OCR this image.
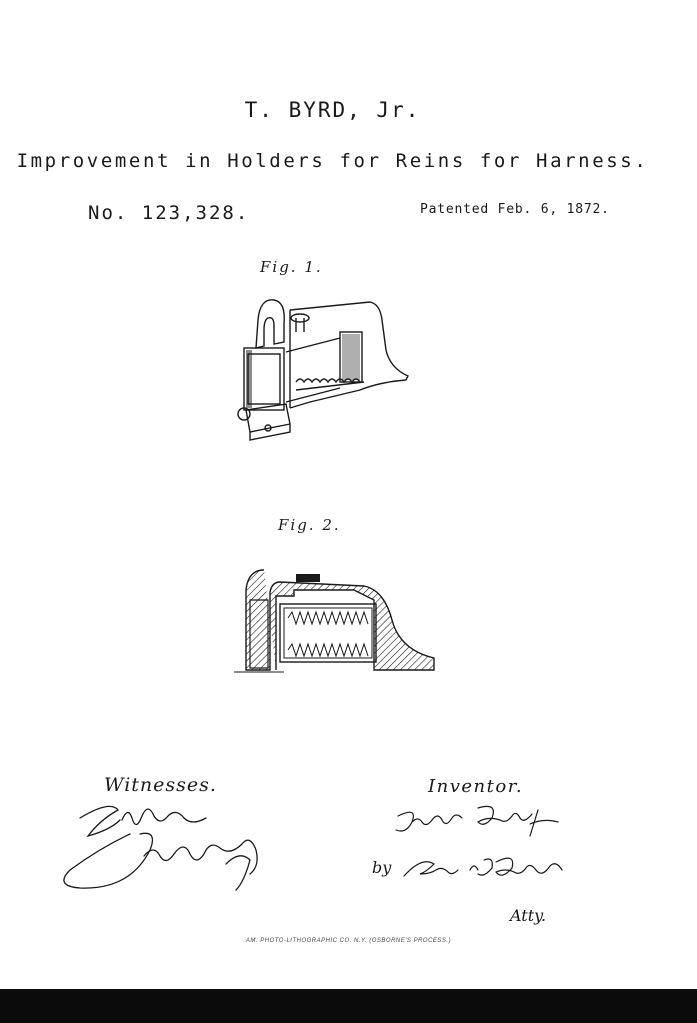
T. BYRD, Jr.
Improvement in Holders for Reins for Harness.
No. 123,328.	Patented Feb. 6, 1872.
Fig. 1.
Fig. 2.
Witnesses.	Inventor.
by
Atty.
AM. PHOTO-LITHOGRAPHIC CO. N.Y. (OSBORNE'S PROCESS.)
